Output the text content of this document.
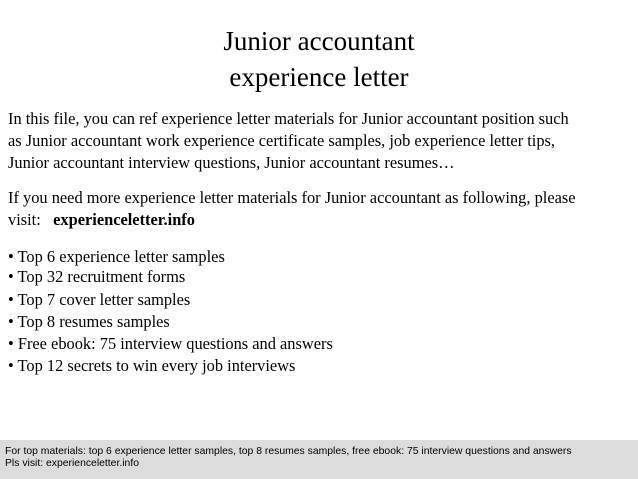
Junior accountant
experience letter
In this file, you can ref experience letter materials for Junior accountant position such
as Junior accountant work experience certificate samples, job experience letter tips,
Junior accountant interview questions, Junior accountant resumes…
If you need more experience letter materials for Junior accountant as following, please
visit: experienceletter.info
• Top 6 experience letter samples
• Top 32 recruitment forms
• Top 7 cover letter samples
• Top 8 resumes samples
• Free ebook: 75 interview questions and answers
• Top 12 secrets to win every job interviews
For top materials: top 6 experience letter samples, top 8 resumes samples, free ebook: 75 interview questions and answers
Pls visit: experienceletter.info
